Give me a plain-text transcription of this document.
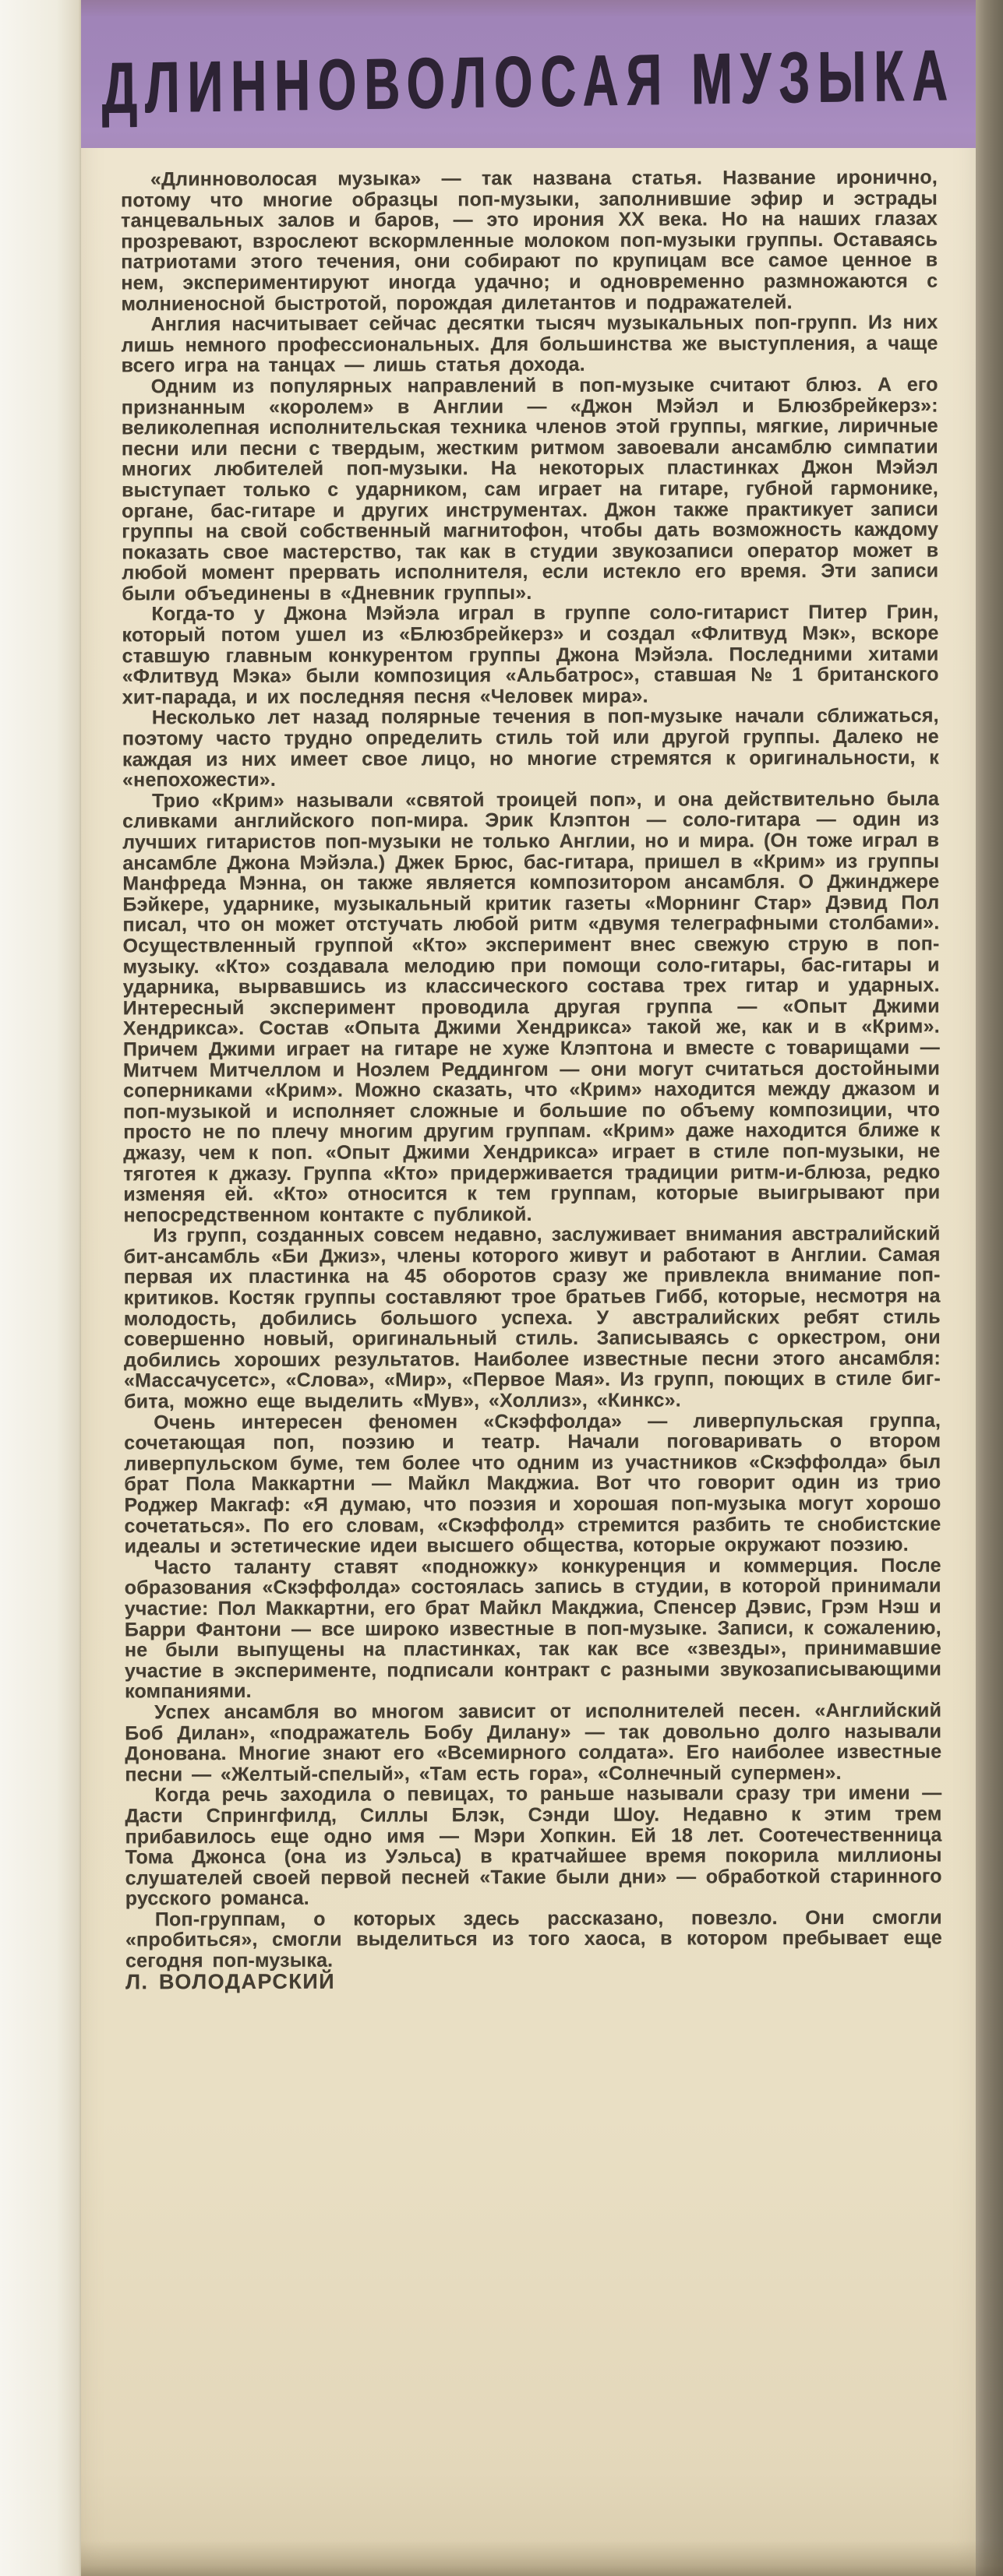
ДЛИННОВОЛОСАЯ МУЗЫКА

«Длинноволосая музыка» — так названа статья. Название иронично, потому что многие образцы поп-музыки, заполнившие эфир и эстрады танцевальных залов и баров, — это ирония XX века. Но на наших глазах прозревают, взрослеют вскормленные молоком поп-музыки группы. Оставаясь патриотами этого течения, они собирают по крупицам все самое ценное в нем, экспериментируют иногда удачно; и одновременно размножаются с молниеносной быстротой, порождая дилетантов и подражателей.

Англия насчитывает сейчас десятки тысяч музыкальных поп-групп. Из них лишь немного профессиональных. Для большинства же выступления, а чаще всего игра на танцах — лишь статья дохода.

Одним из популярных направлений в поп-музыке считают блюз. А его признанным «королем» в Англии — «Джон Мэйэл и Блюзбрейкерз»: великолепная исполнительская техника членов этой группы, мягкие, лиричные песни или песни с твердым, жестким ритмом завоевали ансамблю симпатии многих любителей поп-музыки. На некоторых пластинках Джон Мэйэл выступает только с ударником, сам играет на гитаре, губной гармонике, органе, бас-гитаре и других инструментах. Джон также практикует записи группы на свой собственный магнитофон, чтобы дать возможность каждому показать свое мастерство, так как в студии звукозаписи оператор может в любой момент прервать исполнителя, если истекло его время. Эти записи были объединены в «Дневник группы».

Когда-то у Джона Мэйэла играл в группе соло-гитарист Питер Грин, который потом ушел из «Блюзбрейкерз» и создал «Флитвуд Мэк», вскоре ставшую главным конкурентом группы Джона Мэйэла. Последними хитами «Флитвуд Мэка» были композиция «Альбатрос», ставшая № 1 британского хит-парада, и их последняя песня «Человек мира».

Несколько лет назад полярные течения в поп-музыке начали сближаться, поэтому часто трудно определить стиль той или другой группы. Далеко не каждая из них имеет свое лицо, но многие стремятся к оригинальности, к «непохожести».

Трио «Крим» называли «святой троицей поп», и она действительно была сливками английского поп-мира. Эрик Клэптон — соло-гитара — один из лучших гитаристов поп-музыки не только Англии, но и мира. (Он тоже играл в ансамбле Джона Мэйэла.) Джек Брюс, бас-гитара, пришел в «Крим» из группы Манфреда Мэнна, он также является композитором ансамбля. О Джинджере Бэйкере, ударнике, музыкальный критик газеты «Морнинг Стар» Дэвид Пол писал, что он может отстучать любой ритм «двумя телеграфными столбами». Осуществленный группой «Кто» эксперимент внес свежую струю в поп-музыку. «Кто» создавала мелодию при помощи соло-гитары, бас-гитары и ударника, вырвавшись из классического состава трех гитар и ударных. Интересный эксперимент проводила другая группа — «Опыт Джими Хендрикса». Состав «Опыта Джими Хендрикса» такой же, как и в «Крим». Причем Джими играет на гитаре не хуже Клэптона и вместе с товарищами — Митчем Митчеллом и Ноэлем Реддингом — они могут считаться достойными соперниками «Крим». Можно сказать, что «Крим» находится между джазом и поп-музыкой и исполняет сложные и большие по объему композиции, что просто не по плечу многим другим группам. «Крим» даже находится ближе к джазу, чем к поп. «Опыт Джими Хендрикса» играет в стиле поп-музыки, не тяготея к джазу. Группа «Кто» придерживается традиции ритм-и-блюза, редко изменяя ей. «Кто» относится к тем группам, которые выигрывают при непосредственном контакте с публикой.

Из групп, созданных совсем недавно, заслуживает внимания австралийский бит-ансамбль «Би Джиз», члены которого живут и работают в Англии. Самая первая их пластинка на 45 оборотов сразу же привлекла внимание поп-критиков. Костяк группы составляют трое братьев Гибб, которые, несмотря на молодость, добились большого успеха. У австралийских ребят стиль совершенно новый, оригинальный стиль. Записываясь с оркестром, они добились хороших результатов. Наиболее известные песни этого ансамбля: «Массачусетс», «Слова», «Мир», «Первое Мая». Из групп, поющих в стиле биг-бита, можно еще выделить «Мув», «Холлиз», «Кинкс».

Очень интересен феномен «Скэффолда» — ливерпульская группа, сочетающая поп, поэзию и театр. Начали поговаривать о втором ливерпульском буме, тем более что одним из участников «Скэффолда» был брат Пола Маккартни — Майкл Макджиа. Вот что говорит один из трио Роджер Макгаф: «Я думаю, что поэзия и хорошая поп-музыка могут хорошо сочетаться». По его словам, «Скэффолд» стремится разбить те снобистские идеалы и эстетические идеи высшего общества, которые окружают поэзию.

Часто таланту ставят «подножку» конкуренция и коммерция. После образования «Скэффолда» состоялась запись в студии, в которой принимали участие: Пол Маккартни, его брат Майкл Макджиа, Спенсер Дэвис, Грэм Нэш и Барри Фантони — все широко известные в поп-музыке. Записи, к сожалению, не были выпущены на пластинках, так как все «звезды», принимавшие участие в эксперименте, подписали контракт с разными звукозаписывающими компаниями.

Успех ансамбля во многом зависит от исполнителей песен. «Английский Боб Дилан», «подражатель Бобу Дилану» — так довольно долго называли Донована. Многие знают его «Всемирного солдата». Его наиболее известные песни — «Желтый-спелый», «Там есть гора», «Солнечный супермен».

Когда речь заходила о певицах, то раньше называли сразу три имени — Дасти Спрингфилд, Силлы Блэк, Сэнди Шоу. Недавно к этим трем прибавилось еще одно имя — Мэри Хопкин. Ей 18 лет. Соотечественница Тома Джонса (она из Уэльса) в кратчайшее время покорила миллионы слушателей своей первой песней «Такие были дни» — обработкой старинного русского романса.

Поп-группам, о которых здесь рассказано, повезло. Они смогли «пробиться», смогли выделиться из того хаоса, в котором пребывает еще сегодня поп-музыка.

Л. ВОЛОДАРСКИЙ
